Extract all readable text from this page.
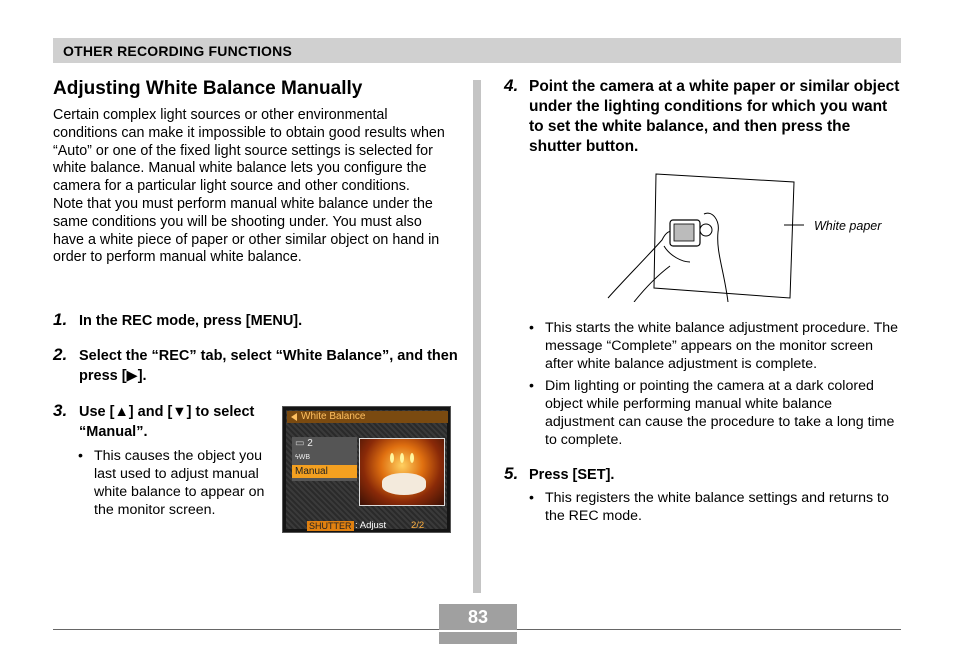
OTHER RECORDING FUNCTIONS
Adjusting White Balance Manually

Certain complex light sources or other environmental conditions can make it impossible to obtain good results when “Auto” or one of the fixed light source settings is selected for white balance. Manual white balance lets you configure the camera for a particular light source and other conditions.

Note that you must perform manual white balance under the same conditions you will be shooting under. You must also have a white piece of paper or other similar object on hand in order to perform manual white balance.

1. In the REC mode, press [MENU].
2. Select the “REC” tab, select “White Balance”, and then press [▶].
3. Use [▲] and [▼] to select “Manual”.
• This causes the object you last used to adjust manual white balance to appear on the monitor screen.
White Balance
▭ 2
ϟWB
Manual
SHUTTER : Adjust	2/2
4. Point the camera at a white paper or similar object under the lighting conditions for which you want to set the white balance, and then press the shutter button.
White paper
• This starts the white balance adjustment procedure. The message “Complete” appears on the monitor screen after white balance adjustment is complete.
• Dim lighting or pointing the camera at a dark colored object while performing manual white balance adjustment can cause the procedure to take a long time to complete.
5. Press [SET].
• This registers the white balance settings and returns to the REC mode.
83
